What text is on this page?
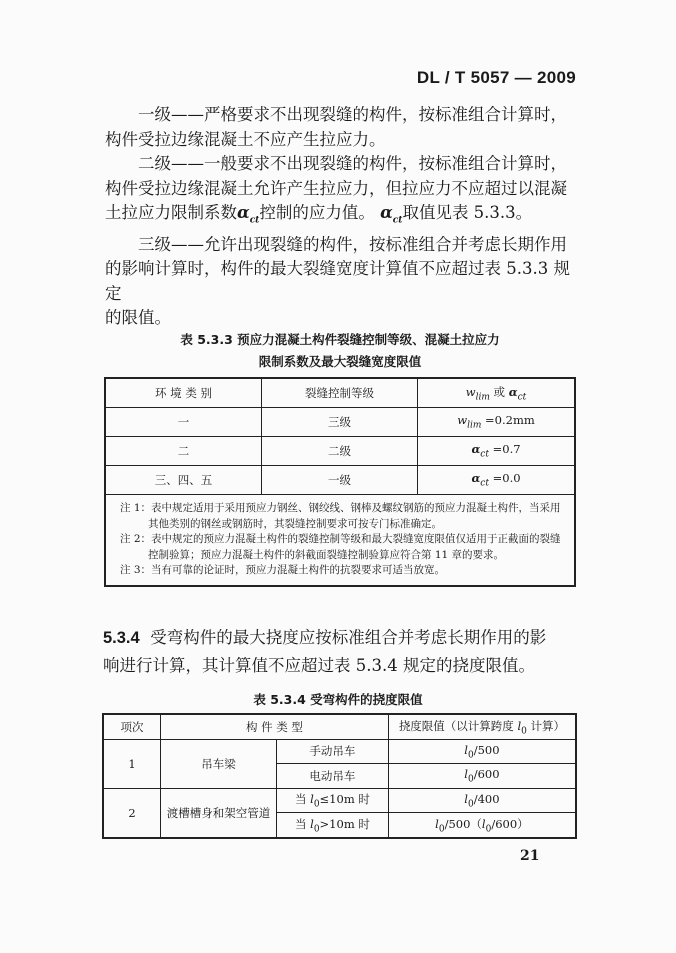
DL / T 5057 — 2009
一级——严格要求不出现裂缝的构件，按标准组合计算时，
构件受拉边缘混凝土不应产生拉应力。
二级——一般要求不出现裂缝的构件，按标准组合计算时，
构件受拉边缘混凝土允许产生拉应力，但拉应力不应超过以混凝
土拉应力限制系数$\alpha_{ct}$控制的应力值。 $\alpha_{ct}$取值见表 5.3.3。
三级——允许出现裂缝的构件，按标准组合并考虑长期作用
的影响计算时，构件的最大裂缝宽度计算值不应超过表 5.3.3 规定
的限值。
表 5.3.3 预应力混凝土构件裂缝控制等级、混凝土拉应力
限制系数及最大裂缝宽度限值
环 境 类 别	裂缝控制等级	$w_{lim}$ 或 $\alpha_{ct}$
一	三级	$w_{lim} =0.2mm$
二	二级	$\alpha_{ct} =0.7$
三、四、五	一级	$\alpha_{ct} =0.0$

注 1：表中规定适用于采用预应力钢丝、钢绞线、钢棒及螺纹钢筋的预应力混凝土构件，当采用其他类别的钢丝或钢筋时，其裂缝控制要求可按专门标准确定。
注 2：表中规定的预应力混凝土构件的裂缝控制等级和最大裂缝宽度限值仅适用于正截面的裂缝控制验算；预应力混凝土构件的斜截面裂缝控制验算应符合第 11 章的要求。
注 3：当有可靠的论证时，预应力混凝土构件的抗裂要求可适当放宽。		
5.3.4 受弯构件的最大挠度应按标准组合并考虑长期作用的影
响进行计算，其计算值不应超过表 5.3.4 规定的挠度限值。
表 5.3.4 受弯构件的挠度限值
项次	构 件 类 型		挠度限值（以计算跨度 $l_0$ 计算）
1	吊车梁	手动吊车	$l_0/500$
		电动吊车	$l_0/600$
2	渡槽槽身和架空管道	当 $l_0\le 10m$ 时	$l_0/400$
		当 $l_0>10m$ 时	$l_0/500(l_0/600)$
21
